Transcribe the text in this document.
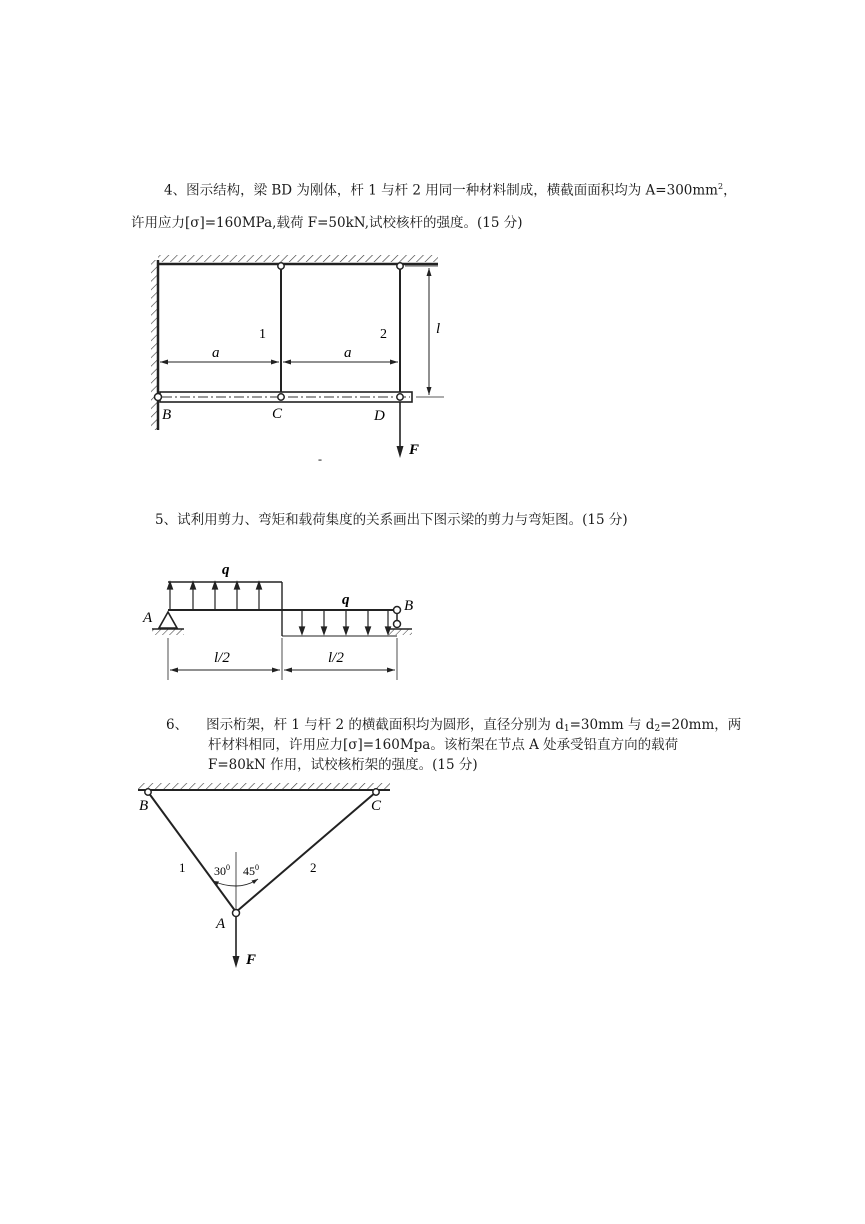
4、图示结构，梁 BD 为刚体，杆 1 与杆 2 用同一种材料制成，横截面面积均为 $A=300mm^2$，
许用应力[σ]=160MPa,载荷 F=50kN,试校核杆的强度。(15 分)
a	a
1	2	l
F
B	C	D
-
5、试利用剪力、弯矩和载荷集度的关系画出下图示梁的剪力与弯矩图。(15 分)
q
q
A
B
l/2	l/2
6、 图示桁架，杆 1 与杆 2 的横截面积均为圆形，直径分别为 $d_1=30mm$ 与 $d_2=20mm$，两
杆材料相同，许用应力[σ]=160Mpa。该桁架在节点 A 处承受铅直方向的载荷
F=80kN 作用，试校核桁架的强度。(15 分)
$30^0$ $45^0$
1	2
F
A
B	C
